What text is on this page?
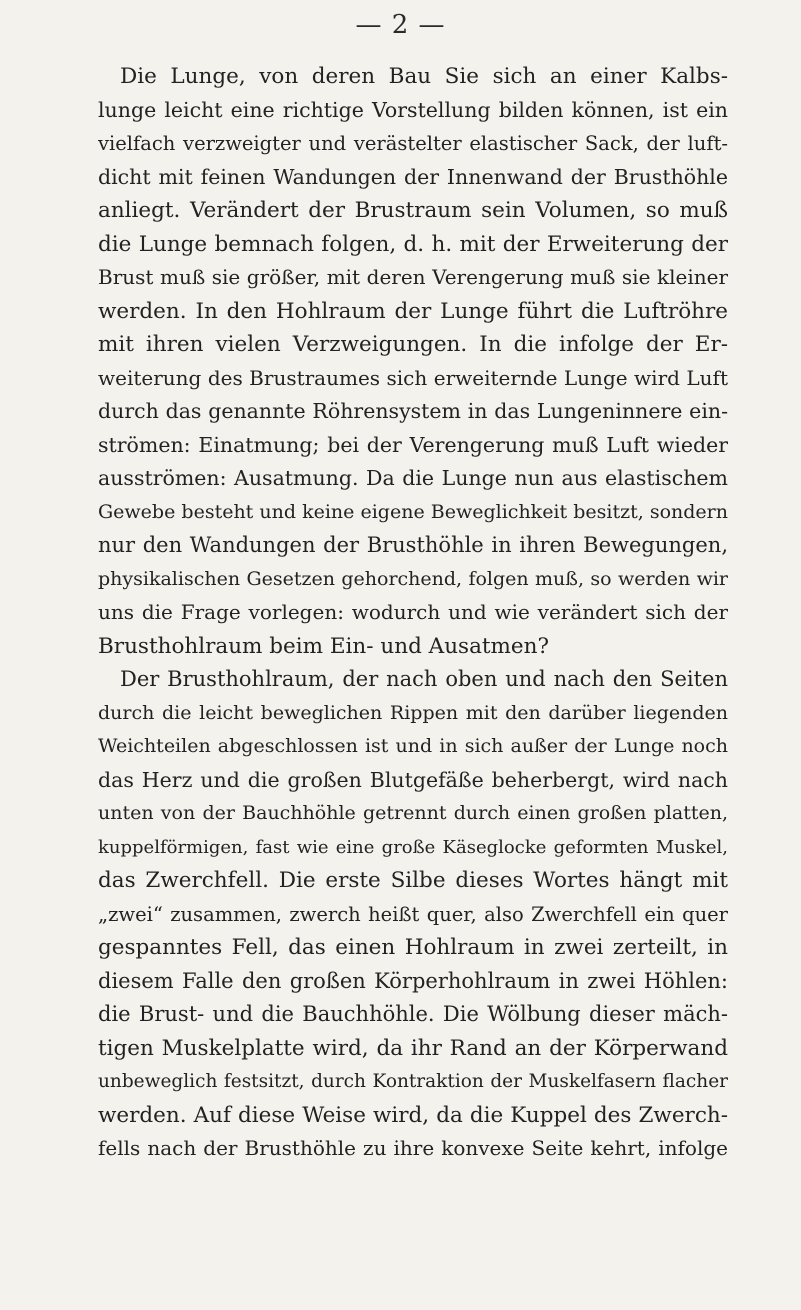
— 2 —
Die Lunge, von deren Bau Sie sich an einer Kalbs-
lunge leicht eine richtige Vorstellung bilden können, ist ein
vielfach verzweigter und verästelter elastischer Sack, der luft-
dicht mit feinen Wandungen der Innenwand der Brusthöhle
anliegt. Verändert der Brustraum sein Volumen, so muß
die Lunge bemnach folgen, d. h. mit der Erweiterung der
Brust muß sie größer, mit deren Verengerung muß sie kleiner
werden. In den Hohlraum der Lunge führt die Luftröhre
mit ihren vielen Verzweigungen. In die infolge der Er-
weiterung des Brustraumes sich erweiternde Lunge wird Luft
durch das genannte Röhrensystem in das Lungeninnere ein-
strömen: Einatmung; bei der Verengerung muß Luft wieder
ausströmen: Ausatmung. Da die Lunge nun aus elastischem
Gewebe besteht und keine eigene Beweglichkeit besitzt, sondern
nur den Wandungen der Brusthöhle in ihren Bewegungen,
physikalischen Gesetzen gehorchend, folgen muß, so werden wir
uns die Frage vorlegen: wodurch und wie verändert sich der
Brusthohlraum beim Ein- und Ausatmen?
Der Brusthohlraum, der nach oben und nach den Seiten
durch die leicht beweglichen Rippen mit den darüber liegenden
Weichteilen abgeschlossen ist und in sich außer der Lunge noch
das Herz und die großen Blutgefäße beherbergt, wird nach
unten von der Bauchhöhle getrennt durch einen großen platten,
kuppelförmigen, fast wie eine große Käseglocke geformten Muskel,
das Zwerchfell. Die erste Silbe dieses Wortes hängt mit
„zwei“ zusammen, zwerch heißt quer, also Zwerchfell ein quer
gespanntes Fell, das einen Hohlraum in zwei zerteilt, in
diesem Falle den großen Körperhohlraum in zwei Höhlen:
die Brust- und die Bauchhöhle. Die Wölbung dieser mäch-
tigen Muskelplatte wird, da ihr Rand an der Körperwand
unbeweglich festsitzt, durch Kontraktion der Muskelfasern flacher
werden. Auf diese Weise wird, da die Kuppel des Zwerch-
fells nach der Brusthöhle zu ihre konvexe Seite kehrt, infolge
